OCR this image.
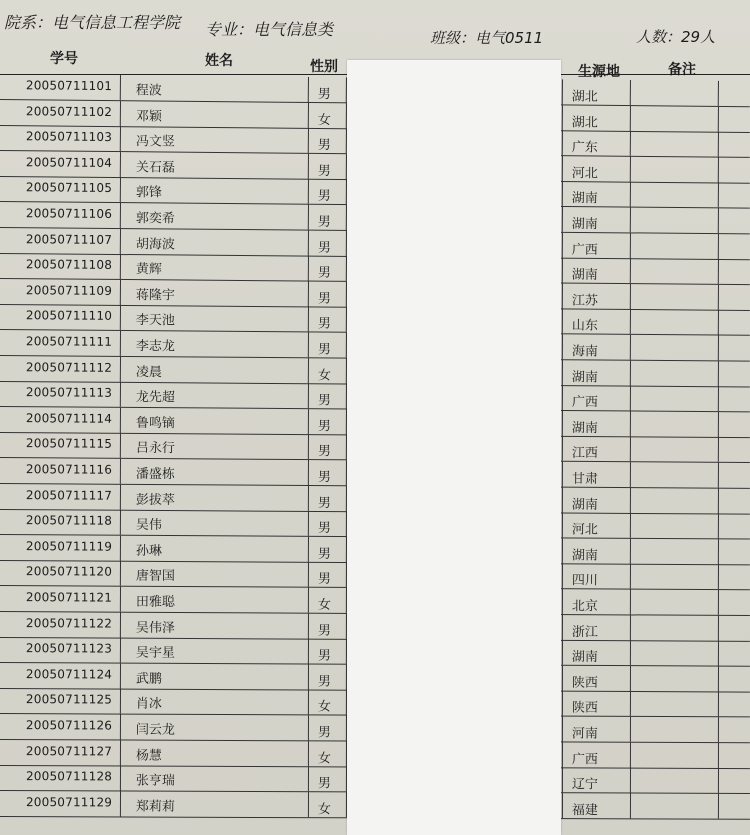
院系：电气信息工程学院 专业：电气信息类	班级：电气0511	人数：29人
学号	姓名	性别	生源地	备注
20050711101 程波	男	湖北
20050711102 邓颖	女	湖北
20050711103 冯文竖	男	广东
20050711104 关石磊	男	河北
20050711105 郭锋	男	湖南
20050711106 郭奕希	男	湖南
20050711107 胡海波	男	广西
20050711108 黄辉	男	湖南
20050711109 蒋隆宇	男	江苏
20050711110 李天池	男	山东
20050711111 李志龙	男	海南
20050711112 凌晨	女	湖南
20050711113 龙先超	男	广西
20050711114 鲁鸣镝	男	湖南
20050711115 吕永行	男	江西
20050711116 潘盛栋	男	甘肃
20050711117 彭拔萃	男	湖南
20050711118 吴伟	男	河北
20050711119 孙琳	男	湖南
20050711120 唐智国	男	四川
20050711121 田雅聪	女	北京
20050711122 吴伟泽	男	浙江
20050711123 吴宇星	男	湖南
20050711124 武鹏	男	陕西
20050711125 肖冰	女	陕西
20050711126 闫云龙	男	河南
20050711127 杨慧	女	广西
20050711128 张亨瑞	男	辽宁
20050711129 郑莉莉	女	福建
